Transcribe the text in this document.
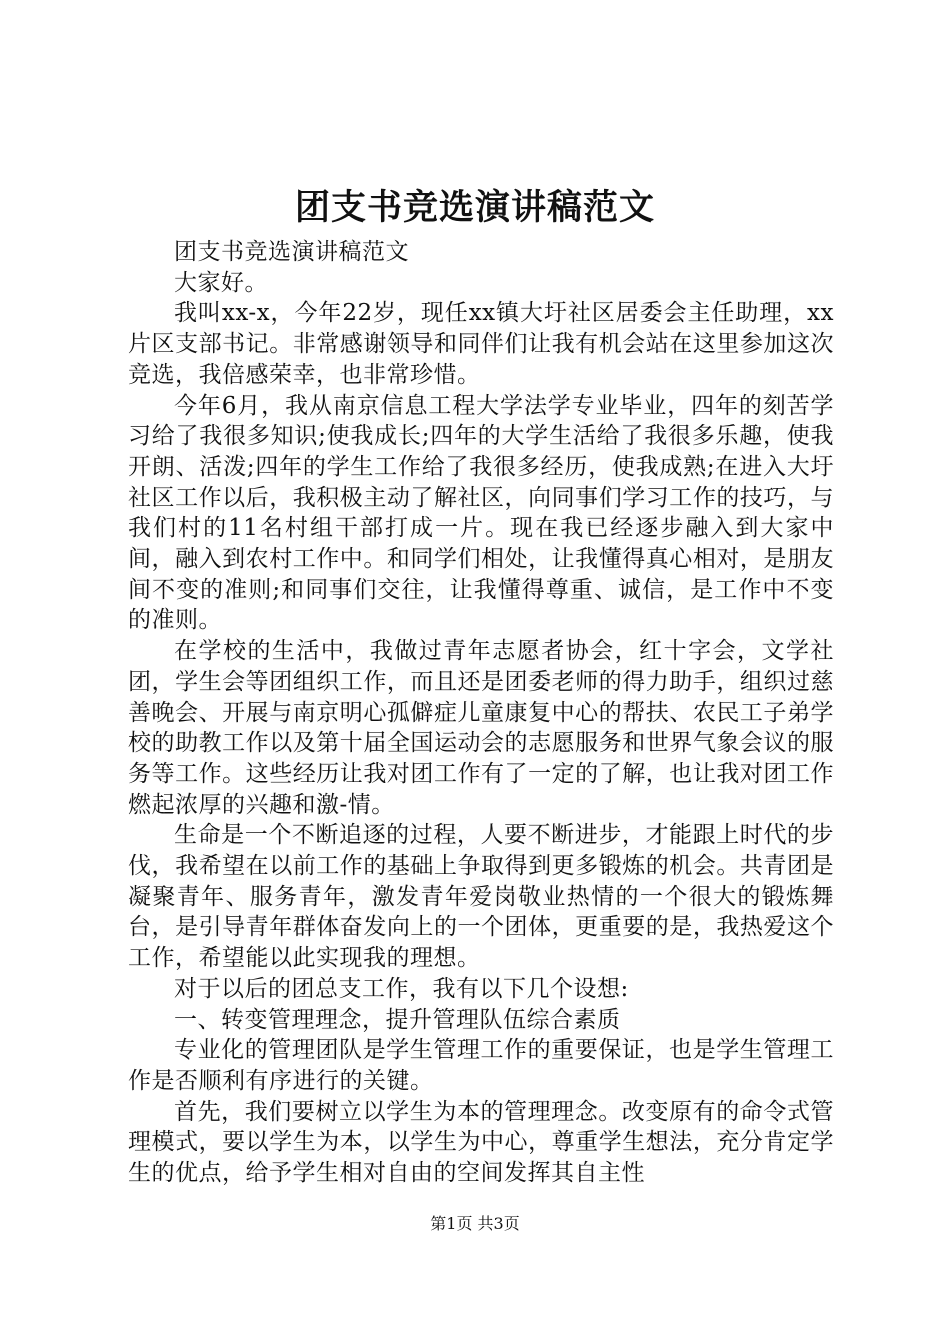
团支书竞选演讲稿范文

团支书竞选演讲稿范文

大家好。

我叫xx-x，今年22岁，现任xx镇大圩社区居委会主任助理，xx片区支部书记。非常感谢领导和同伴们让我有机会站在这里参加这次竞选，我倍感荣幸，也非常珍惜。

今年6月，我从南京信息工程大学法学专业毕业，四年的刻苦学习给了我很多知识;使我成长;四年的大学生活给了我很多乐趣，使我开朗、活泼;四年的学生工作给了我很多经历，使我成熟;在进入大圩社区工作以后，我积极主动了解社区，向同事们学习工作的技巧，与我们村的11名村组干部打成一片。现在我已经逐步融入到大家中间，融入到农村工作中。和同学们相处，让我懂得真心相对，是朋友间不变的准则;和同事们交往，让我懂得尊重、诚信，是工作中不变的准则。

在学校的生活中，我做过青年志愿者协会，红十字会，文学社团，学生会等团组织工作，而且还是团委老师的得力助手，组织过慈善晚会、开展与南京明心孤僻症儿童康复中心的帮扶、农民工子弟学校的助教工作以及第十届全国运动会的志愿服务和世界气象会议的服务等工作。这些经历让我对团工作有了一定的了解，也让我对团工作燃起浓厚的兴趣和激-情。

生命是一个不断追逐的过程，人要不断进步，才能跟上时代的步伐，我希望在以前工作的基础上争取得到更多锻炼的机会。共青团是凝聚青年、服务青年，激发青年爱岗敬业热情的一个很大的锻炼舞台，是引导青年群体奋发向上的一个团体，更重要的是，我热爱这个工作，希望能以此实现我的理想。

对于以后的团总支工作，我有以下几个设想:

一、转变管理理念，提升管理队伍综合素质

专业化的管理团队是学生管理工作的重要保证，也是学生管理工作是否顺利有序进行的关键。

首先，我们要树立以学生为本的管理理念。改变原有的命令式管理模式，要以学生为本，以学生为中心，尊重学生想法，充分肯定学生的优点，给予学生相对自由的空间发挥其自主性

第1页 共3页
